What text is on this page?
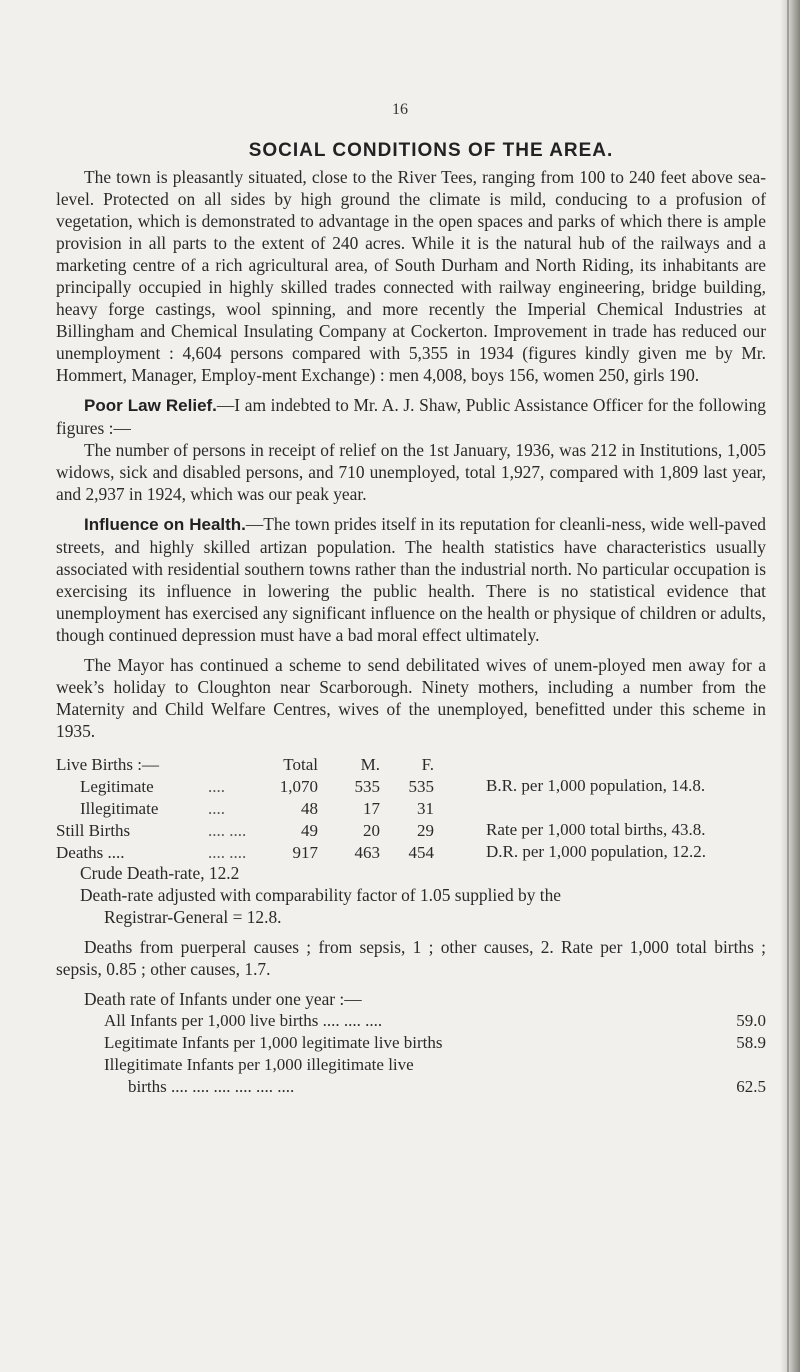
16
SOCIAL CONDITIONS OF THE AREA.

The town is pleasantly situated, close to the River Tees, ranging from 100 to 240 feet above sea-level. Protected on all sides by high ground the climate is mild, conducing to a profusion of vegetation, which is demonstrated to advantage in the open spaces and parks of which there is ample provision in all parts to the extent of 240 acres. While it is the natural hub of the railways and a marketing centre of a rich agricultural area, of South Durham and North Riding, its inhabitants are principally occupied in highly skilled trades connected with railway engineering, bridge building, heavy forge castings, wool spinning, and more recently the Imperial Chemical Industries at Billingham and Chemical Insulating Company at Cockerton. Improvement in trade has reduced our unemployment : 4,604 persons compared with 5,355 in 1934 (figures kindly given me by Mr. Hommert, Manager, Employ-ment Exchange) : men 4,008, boys 156, women 250, girls 190.

Poor Law Relief.—I am indebted to Mr. A. J. Shaw, Public Assistance Officer for the following figures :—

The number of persons in receipt of relief on the 1st January, 1936, was 212 in Institutions, 1,005 widows, sick and disabled persons, and 710 unemployed, total 1,927, compared with 1,809 last year, and 2,937 in 1924, which was our peak year.

Influence on Health.—The town prides itself in its reputation for cleanli-ness, wide well-paved streets, and highly skilled artizan population. The health statistics have characteristics usually associated with residential southern towns rather than the industrial north. No particular occupation is exercising its influence in lowering the public health. There is no statistical evidence that unemployment has exercised any significant influence on the health or physique of children or adults, though continued depression must have a bad moral effect ultimately.

The Mayor has continued a scheme to send debilitated wives of unem-ployed men away for a week’s holiday to Cloughton near Scarborough. Ninety mothers, including a number from the Maternity and Child Welfare Centres, wives of the unemployed, benefitted under this scheme in 1935.

Live Births :—		Total	M.	F.	
Legitimate	....	1,070	535	535	B.R. per 1,000 population, 14.8.
Illegitimate	....	48	17	31	
Still Births	.... ....	49	20	29	Rate per 1,000 total births, 43.8.
Deaths ....	.... ....	917	463	454	D.R. per 1,000 population, 12.2.
Crude Death-rate, 12.2

Death-rate adjusted with comparability factor of 1.05 supplied by the

Registrar-General = 12.8.

Deaths from puerperal causes ; from sepsis, 1 ; other causes, 2. Rate per 1,000 total births ; sepsis, 0.85 ; other causes, 1.7.

Death rate of Infants under one year :—

All Infants per 1,000 live births .... .... ....	59.0
Legitimate Infants per 1,000 legitimate live births	58.9
Illegitimate Infants per 1,000 illegitimate live	
births .... .... .... .... .... ....	62.5
